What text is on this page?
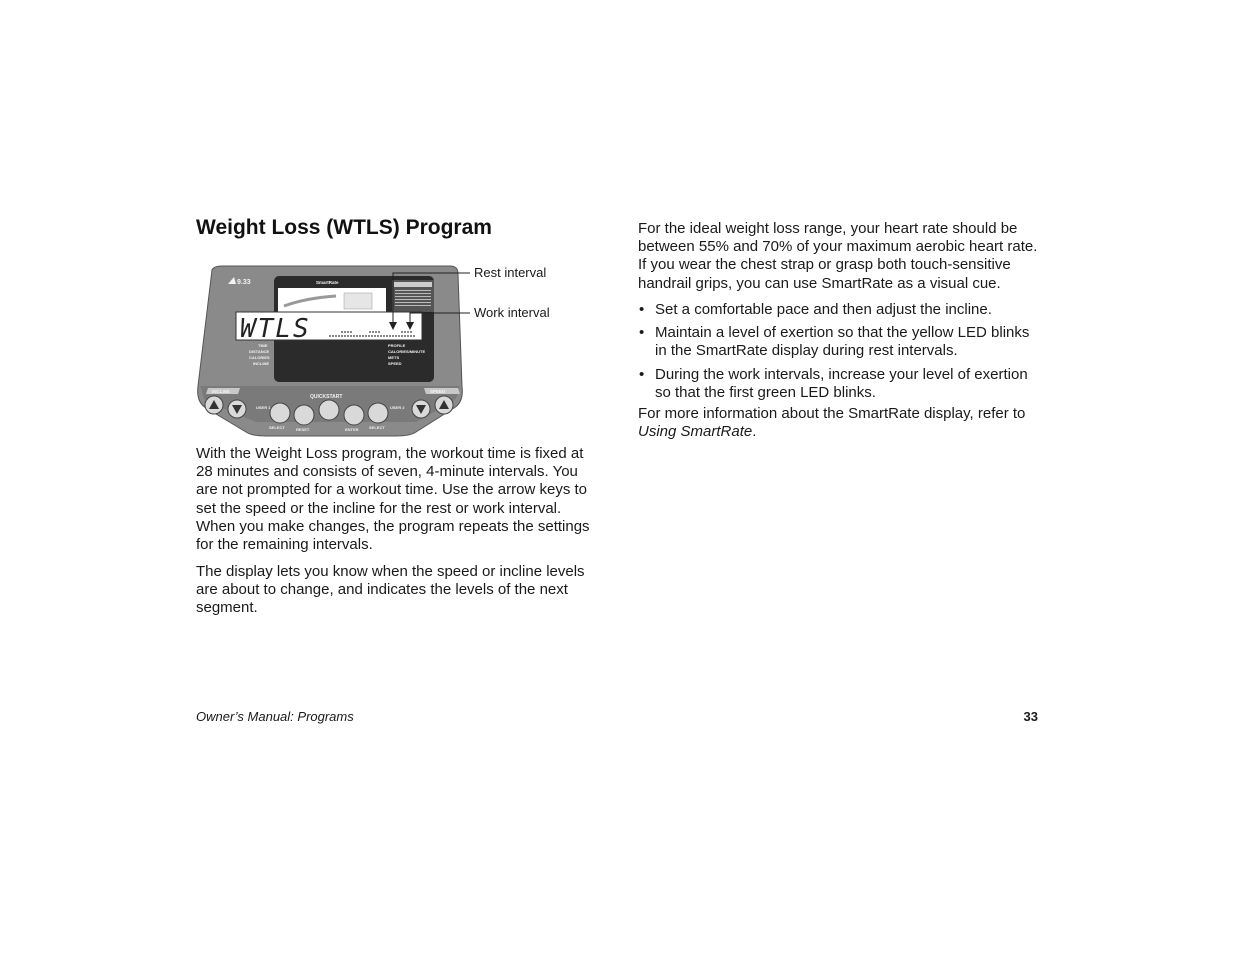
Weight Loss (WTLS) Program
9.33	SmartRate
WTLS
TIME
DISTANCE
CALORIES
INCLINE
PROFILE
CALORIES/MINUTE
METS
SPEED
INCLINE	SPEED
QUICKSTART
USER 1	USER 2
SELECT	RESET	ENTER	SELECT

Rest interval

Work interval

With the Weight Loss program, the workout time is fixed at 28 minutes and consists of seven, 4-minute intervals. You are not prompted for a workout time. Use the arrow keys to set the speed or the incline for the rest or work interval. When you make changes, the program repeats the settings for the remaining intervals.

The display lets you know when the speed or incline levels are about to change, and indicates the levels of the next segment.

For the ideal weight loss range, your heart rate should be between 55% and 70% of your maximum aerobic heart rate. If you wear the chest strap or grasp both touch-sensitive handrail grips, you can use SmartRate as a visual cue.

• Set a comfortable pace and then adjust the incline.
• Maintain a level of exertion so that the yellow LED blinks in the SmartRate display during rest intervals.
• During the work intervals, increase your level of exertion so that the first green LED blinks.

For more information about the SmartRate display, refer to Using SmartRate.

Owner’s Manual: Programs	33
